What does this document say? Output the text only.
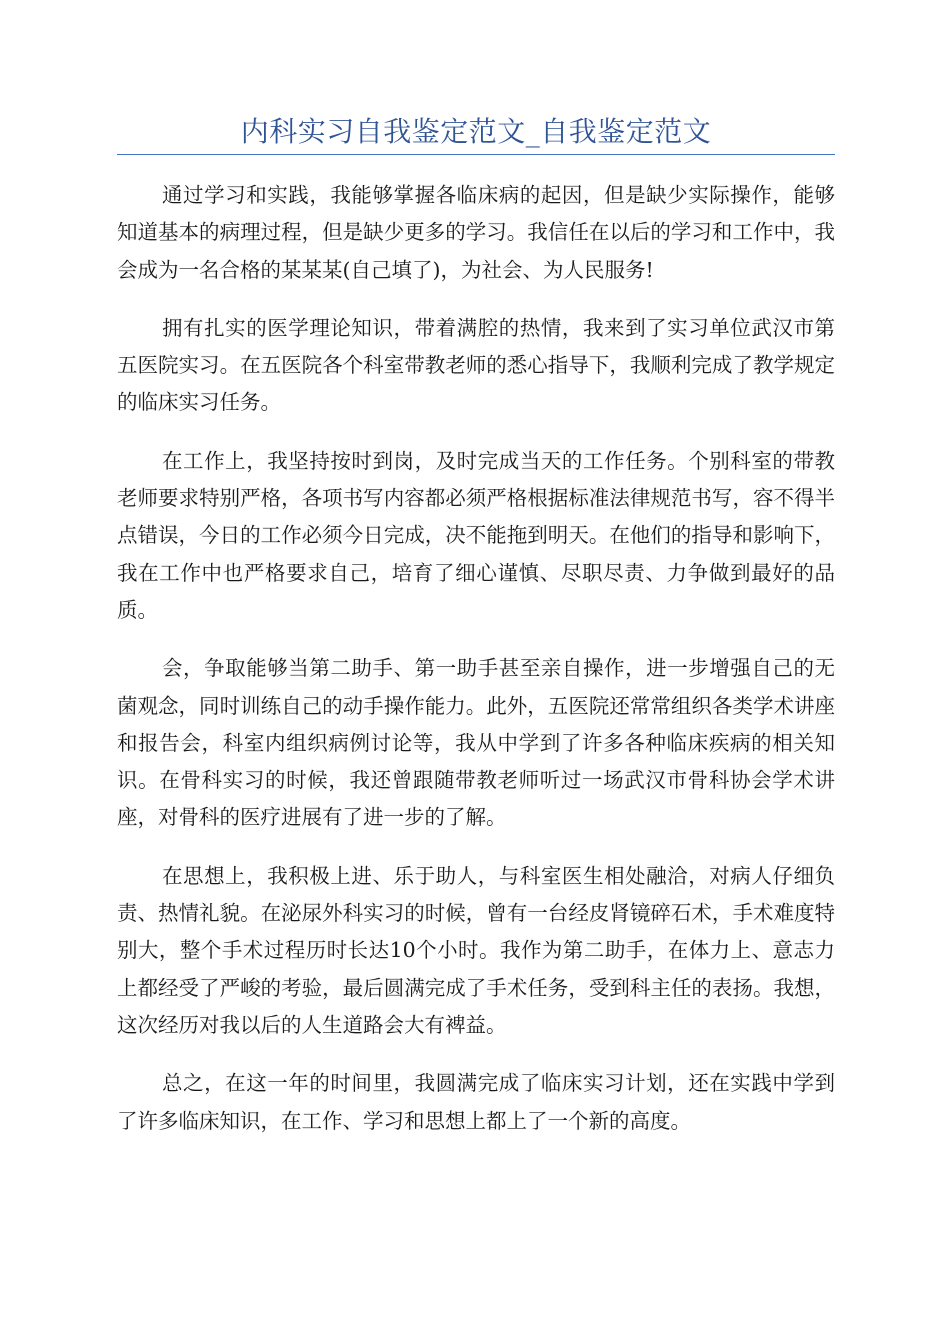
内科实习自我鉴定范文_自我鉴定范文

通过学习和实践，我能够掌握各临床病的起因，但是缺少实际操作，能够知道基本的病理过程，但是缺少更多的学习。我信任在以后的学习和工作中，我会成为一名合格的某某某(自己填了)，为社会、为人民服务!

拥有扎实的医学理论知识，带着满腔的热情，我来到了实习单位武汉市第五医院实习。在五医院各个科室带教老师的悉心指导下，我顺利完成了教学规定的临床实习任务。

在工作上，我坚持按时到岗，及时完成当天的工作任务。个别科室的带教老师要求特别严格，各项书写内容都必须严格根据标准法律规范书写，容不得半点错误，今日的工作必须今日完成，决不能拖到明天。在他们的指导和影响下，我在工作中也严格要求自己，培育了细心谨慎、尽职尽责、力争做到最好的品质。

会，争取能够当第二助手、第一助手甚至亲自操作，进一步增强自己的无菌观念，同时训练自己的动手操作能力。此外，五医院还常常组织各类学术讲座和报告会，科室内组织病例讨论等，我从中学到了许多各种临床疾病的相关知识。在骨科实习的时候，我还曾跟随带教老师听过一场武汉市骨科协会学术讲座，对骨科的医疗进展有了进一步的了解。

在思想上，我积极上进、乐于助人，与科室医生相处融洽，对病人仔细负责、热情礼貌。在泌尿外科实习的时候，曾有一台经皮肾镜碎石术，手术难度特别大，整个手术过程历时长达10个小时。我作为第二助手，在体力上、意志力上都经受了严峻的考验，最后圆满完成了手术任务，受到科主任的表扬。我想，这次经历对我以后的人生道路会大有裨益。

总之，在这一年的时间里，我圆满完成了临床实习计划，还在实践中学到了许多临床知识，在工作、学习和思想上都上了一个新的高度。
